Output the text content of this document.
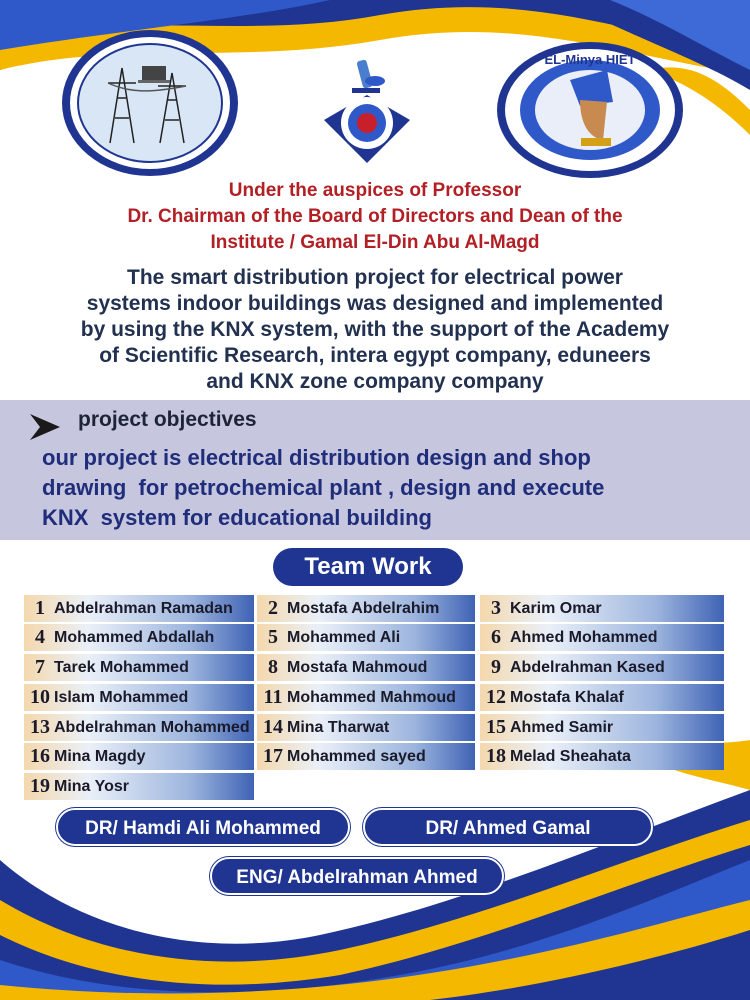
EL-Minya HIET
Under the auspices of Professor
Dr. Chairman of the Board of Directors and Dean of the
Institute / Gamal El-Din Abu Al-Magd
The smart distribution project for electrical power
systems indoor buildings was designed and implemented
by using the KNX system, with the support of the Academy
of Scientific Research, intera egypt company, eduneers
and KNX zone company company
project objectives
our project is electrical distribution design and shop
drawing  for petrochemical plant , design and execute
KNX  system for educational building
Team Work
1 Abdelrahman Ramadan	2 Mostafa Abdelrahim	3 Karim Omar
4 Mohammed Abdallah	5 Mohammed Ali	6 Ahmed Mohammed
7 Tarek Mohammed	8 Mostafa Mahmoud	9 Abdelrahman Kased
10 Islam Mohammed	11 Mohammed Mahmoud 12 Mostafa Khalaf
13 Abdelrahman Mohammed 14 Mina Tharwat	15 Ahmed Samir
16 Mina Magdy	17 Mohammed sayed	18 Melad Sheahata
19 Mina Yosr
DR/ Hamdi Ali Mohammed	DR/ Ahmed Gamal
ENG/ Abdelrahman Ahmed
